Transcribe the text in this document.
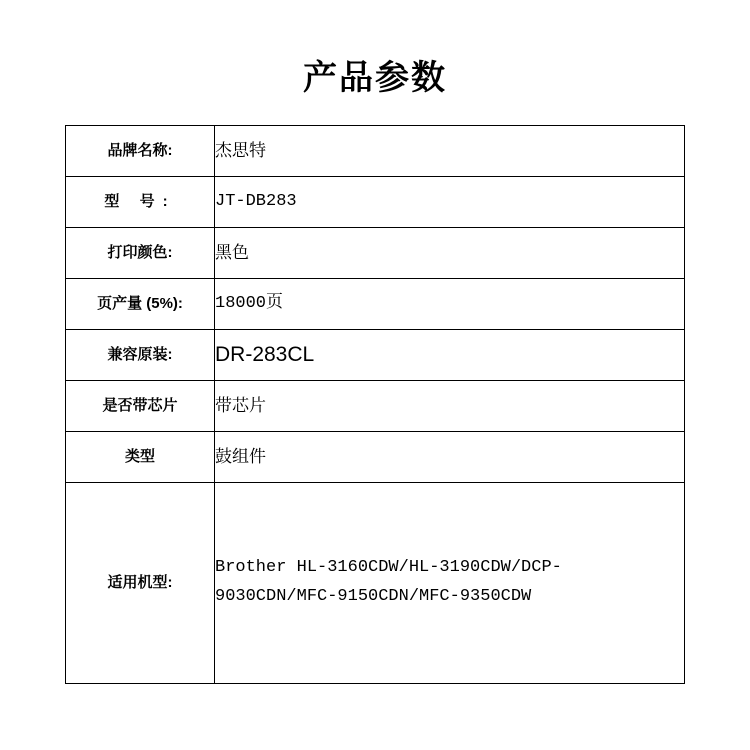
产品参数
品牌名称:	杰思特
型 号:	JT-DB283
打印颜色:	黑色
页产量 (5%):	18000页
兼容原装:	DR-283CL
是否带芯片	带芯片
类型	鼓组件
适用机型:	Brother HL-3160CDW/HL-3190CDW/DCP-9030CDN/MFC-9150CDN/MFC-9350CDW
